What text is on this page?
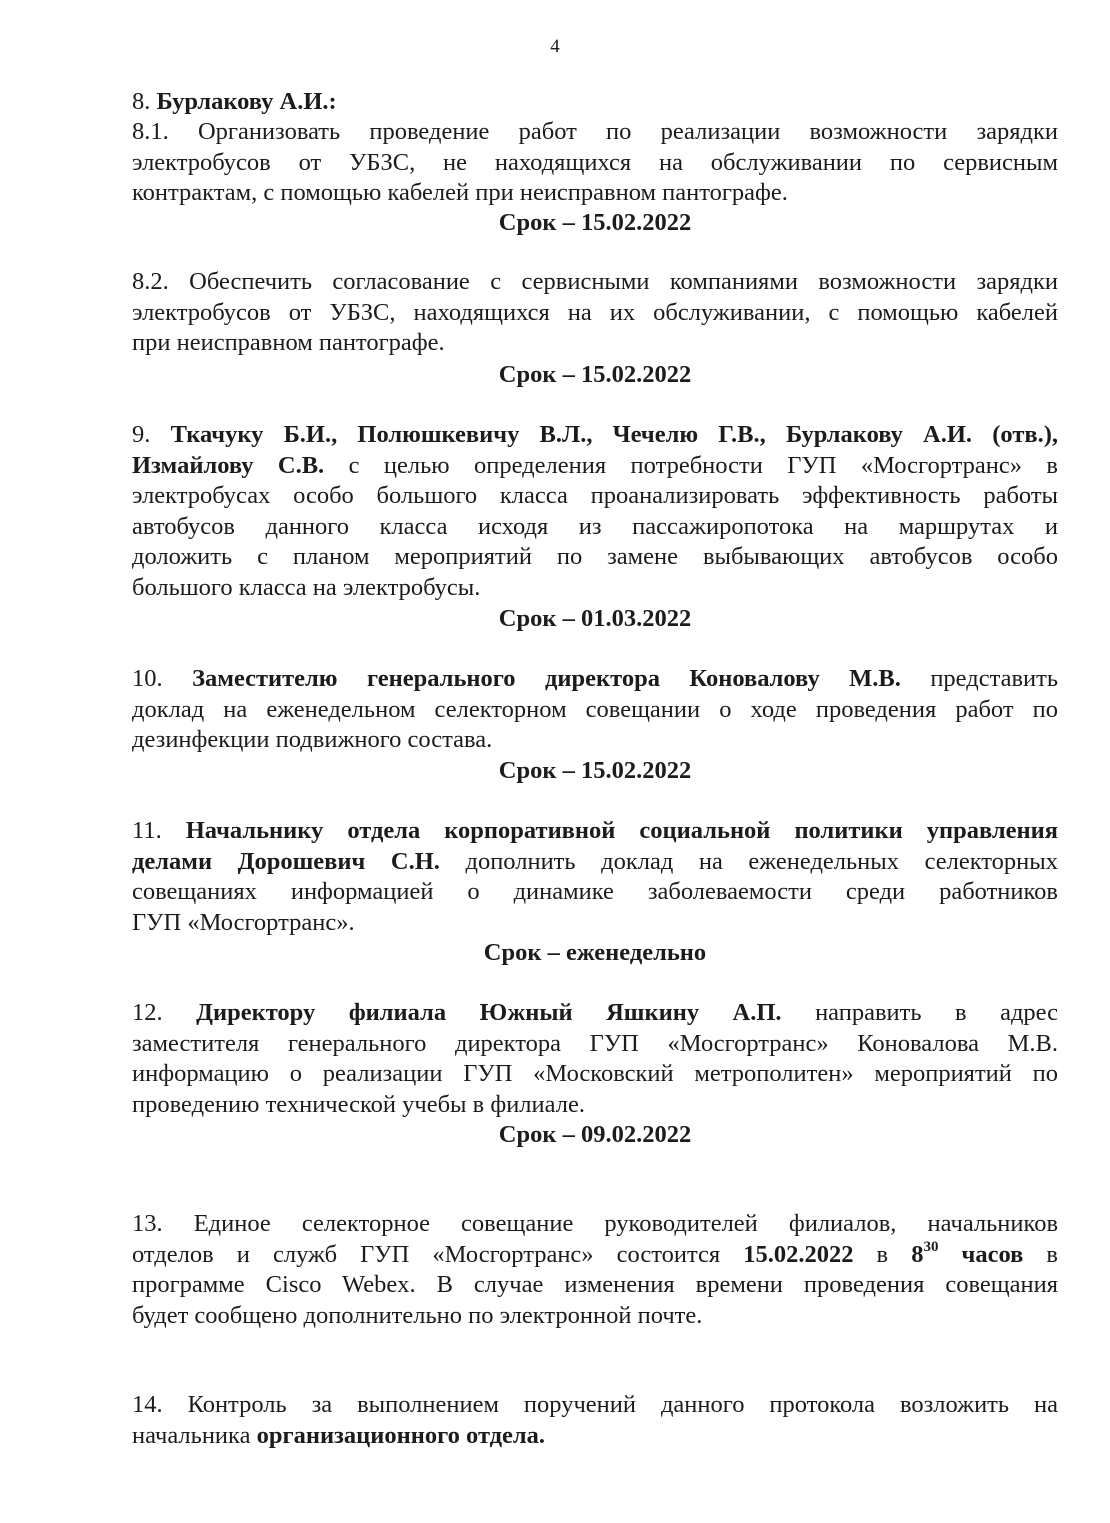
4
8. Бурлакову А.И.:
8.1. Организовать проведение работ по реализации возможности зарядки
электробусов от УБЗС, не находящихся на обслуживании по сервисным
контрактам, с помощью кабелей при неисправном пантографе.
Срок – 15.02.2022
8.2. Обеспечить согласование с сервисными компаниями возможности зарядки
электробусов от УБЗС, находящихся на их обслуживании, с помощью кабелей
при неисправном пантографе.
Срок – 15.02.2022
9. Ткачуку Б.И., Полюшкевичу В.Л., Чечелю Г.В., Бурлакову А.И. (отв.),
Измайлову С.В. с целью определения потребности ГУП «Мосгортранс» в
электробусах особо большого класса проанализировать эффективность работы
автобусов данного класса исходя из пассажиропотока на маршрутах и
доложить с планом мероприятий по замене выбывающих автобусов особо
большого класса на электробусы.
Срок – 01.03.2022
10. Заместителю генерального директора Коновалову М.В. представить
доклад на еженедельном селекторном совещании о ходе проведения работ по
дезинфекции подвижного состава.
Срок – 15.02.2022
11. Начальнику отдела корпоративной социальной политики управления
делами Дорошевич С.Н. дополнить доклад на еженедельных селекторных
совещаниях информацией о динамике заболеваемости среди работников
ГУП «Мосгортранс».
Срок – еженедельно
12. Директору филиала Южный Яшкину А.П. направить в адрес
заместителя генерального директора ГУП «Мосгортранс» Коновалова М.В.
информацию о реализации ГУП «Московский метрополитен» мероприятий по
проведению технической учебы в филиале.
Срок – 09.02.2022
13. Единое селекторное совещание руководителей филиалов, начальников
отделов и служб ГУП «Мосгортранс» состоится 15.02.2022 в $8^{30}$ часов в
программе Cisco Webex. В случае изменения времени проведения совещания
будет сообщено дополнительно по электронной почте.
14. Контроль за выполнением поручений данного протокола возложить на
начальника организационного отдела.
